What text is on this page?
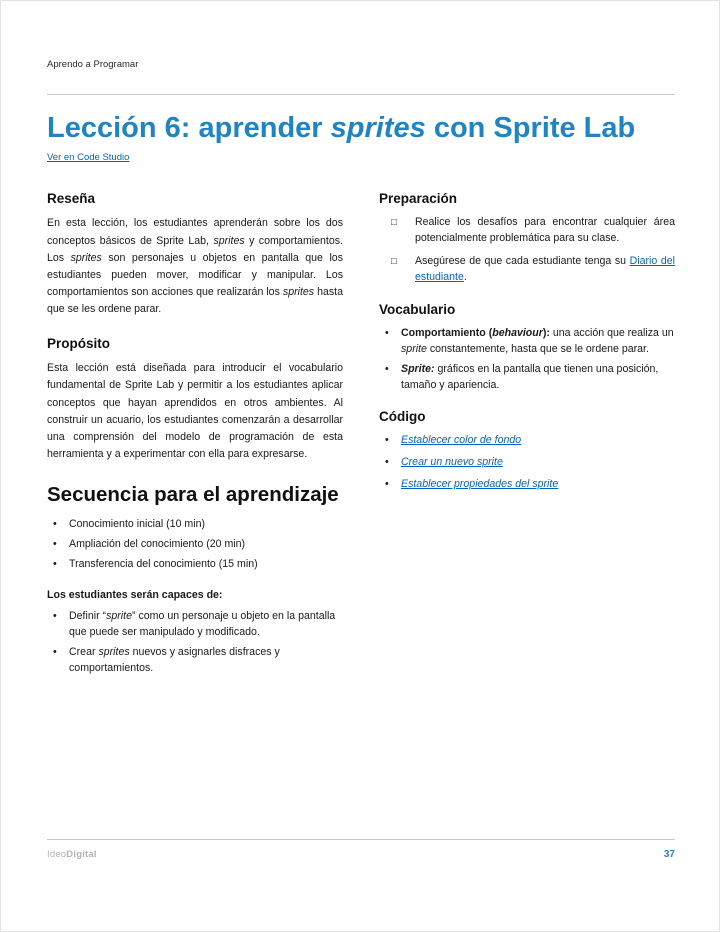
Aprendo a Programar
Lección 6: aprender sprites con Sprite Lab
Ver en Code Studio
Reseña

En esta lección, los estudiantes aprenderán sobre los dos conceptos básicos de Sprite Lab, sprites y comportamientos. Los sprites son personajes u objetos en pantalla que los estudiantes pueden mover, modificar y manipular. Los comportamientos son acciones que realizarán los sprites hasta que se les ordene parar.

Propósito

Esta lección está diseñada para introducir el vocabulario fundamental de Sprite Lab y permitir a los estudiantes aplicar conceptos que hayan aprendidos en otros ambientes. Al construir un acuario, los estudiantes comenzarán a desarrollar una comprensión del modelo de programación de esta herramienta y a experimentar con ella para expresarse.

Secuencia para el aprendizaje
• Conocimiento inicial (10 min)
• Ampliación del conocimiento (20 min)
• Transferencia del conocimiento (15 min)

Los estudiantes serán capaces de:

• Definir “sprite” como un personaje u objeto en la pantalla que puede ser manipulado y modificado.
• Crear sprites nuevos y asignarles disfraces y comportamientos.
Preparación
□ Realice los desafíos para encontrar cualquier área potencialmente problemática para su clase.
□ Asegúrese de que cada estudiante tenga su Diario del estudiante.
Vocabulario
• Comportamiento (behaviour): una acción que realiza un sprite constantemente, hasta que se le ordene parar.
• Sprite: gráficos en la pantalla que tienen una posición, tamaño y apariencia.
Código
• Establecer color de fondo
• Crear un nuevo sprite
• Establecer propiedades del sprite
IdeoDigital	37
